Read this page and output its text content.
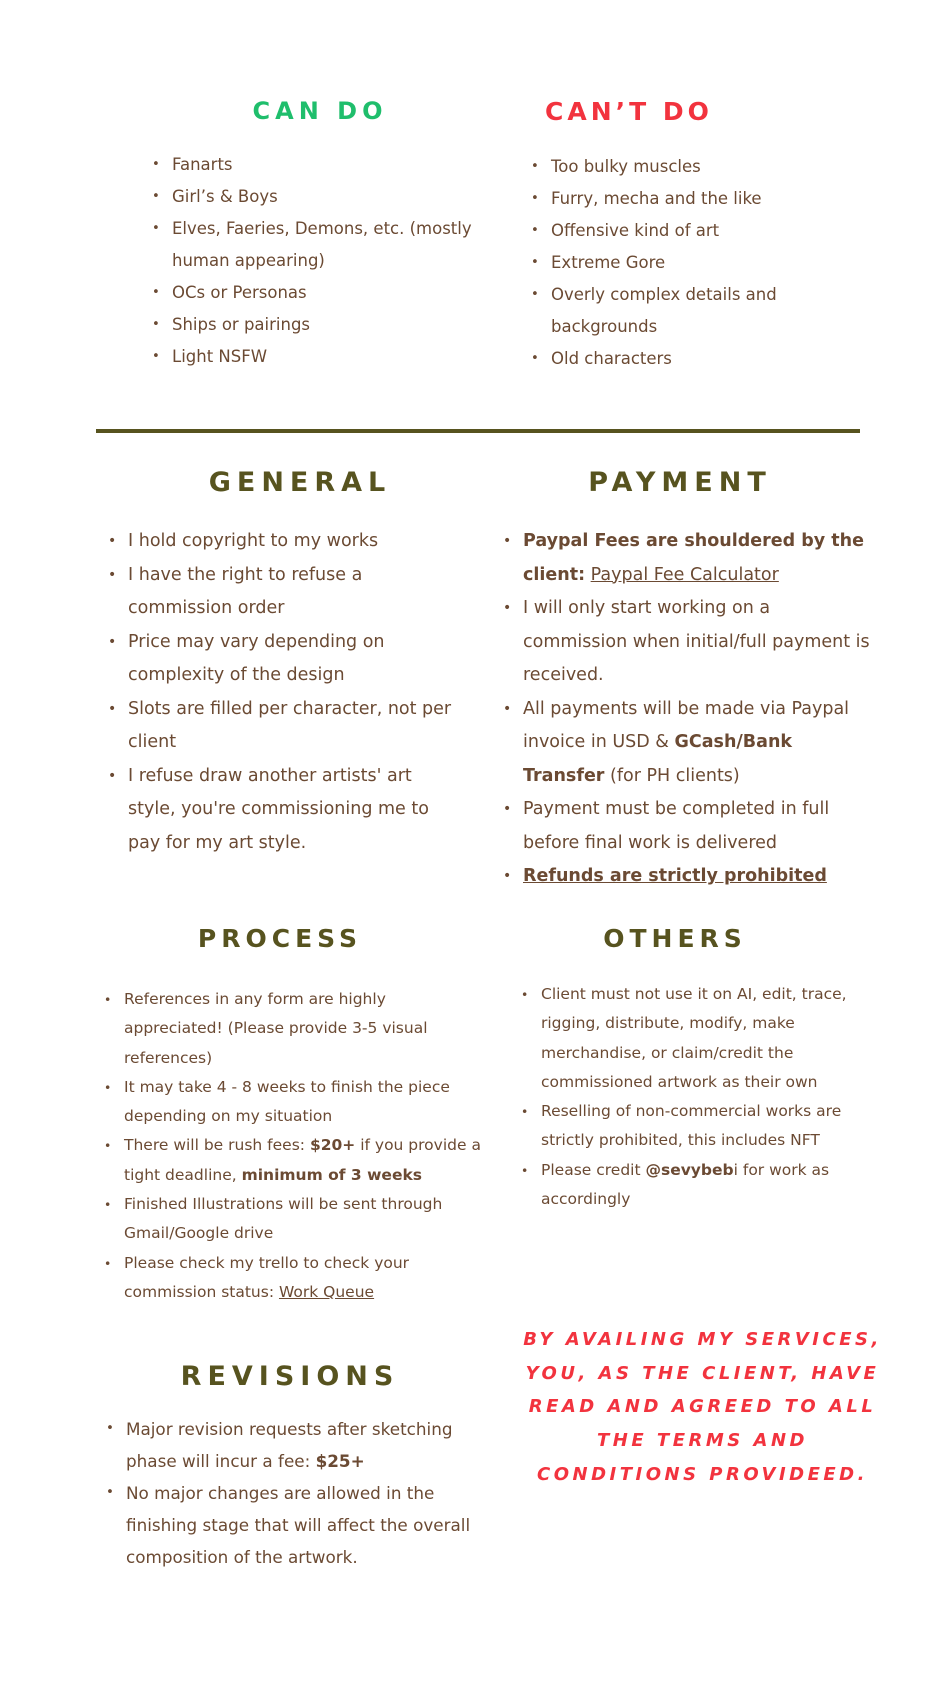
CAN DO
• Fanarts
• Girl’s & Boys
• Elves, Faeries, Demons, etc. (mostly human appearing)
• OCs or Personas
• Ships or pairings
• Light NSFW
CAN’T DO
• Too bulky muscles
• Furry, mecha and the like
• Offensive kind of art
• Extreme Gore
• Overly complex details and backgrounds
• Old characters
GENERAL
• I hold copyright to my works
• I have the right to refuse a commission order
• Price may vary depending on complexity of the design
• Slots are filled per character, not per client
• I refuse draw another artists' art style, you're commissioning me to pay for my art style.
PAYMENT
• Paypal Fees are shouldered by the client: Paypal Fee Calculator
• I will only start working on a commission when initial/full payment is received.
• All payments will be made via Paypal invoice in USD & GCash/Bank Transfer (for PH clients)
• Payment must be completed in full before final work is delivered
• Refunds are strictly prohibited
PROCESS
• References in any form are highly appreciated! (Please provide 3-5 visual references)
• It may take 4 - 8 weeks to finish the piece depending on my situation
• There will be rush fees: $20+ if you provide a tight deadline, minimum of 3 weeks
• Finished Illustrations will be sent through Gmail/Google drive
• Please check my trello to check your commission status: Work Queue
OTHERS
• Client must not use it on AI, edit, trace, rigging, distribute, modify, make merchandise, or claim/credit the commissioned artwork as their own
• Reselling of non-commercial works are strictly prohibited, this includes NFT
• Please credit @sevybebi for work as accordingly
REVISIONS
• Major revision requests after sketching phase will incur a fee: $25+
• No major changes are allowed in the finishing stage that will affect the overall composition of the artwork.
BY AVAILING MY SERVICES, YOU, AS THE CLIENT, HAVE READ AND AGREED TO ALL THE TERMS AND CONDITIONS PROVIDEED.
